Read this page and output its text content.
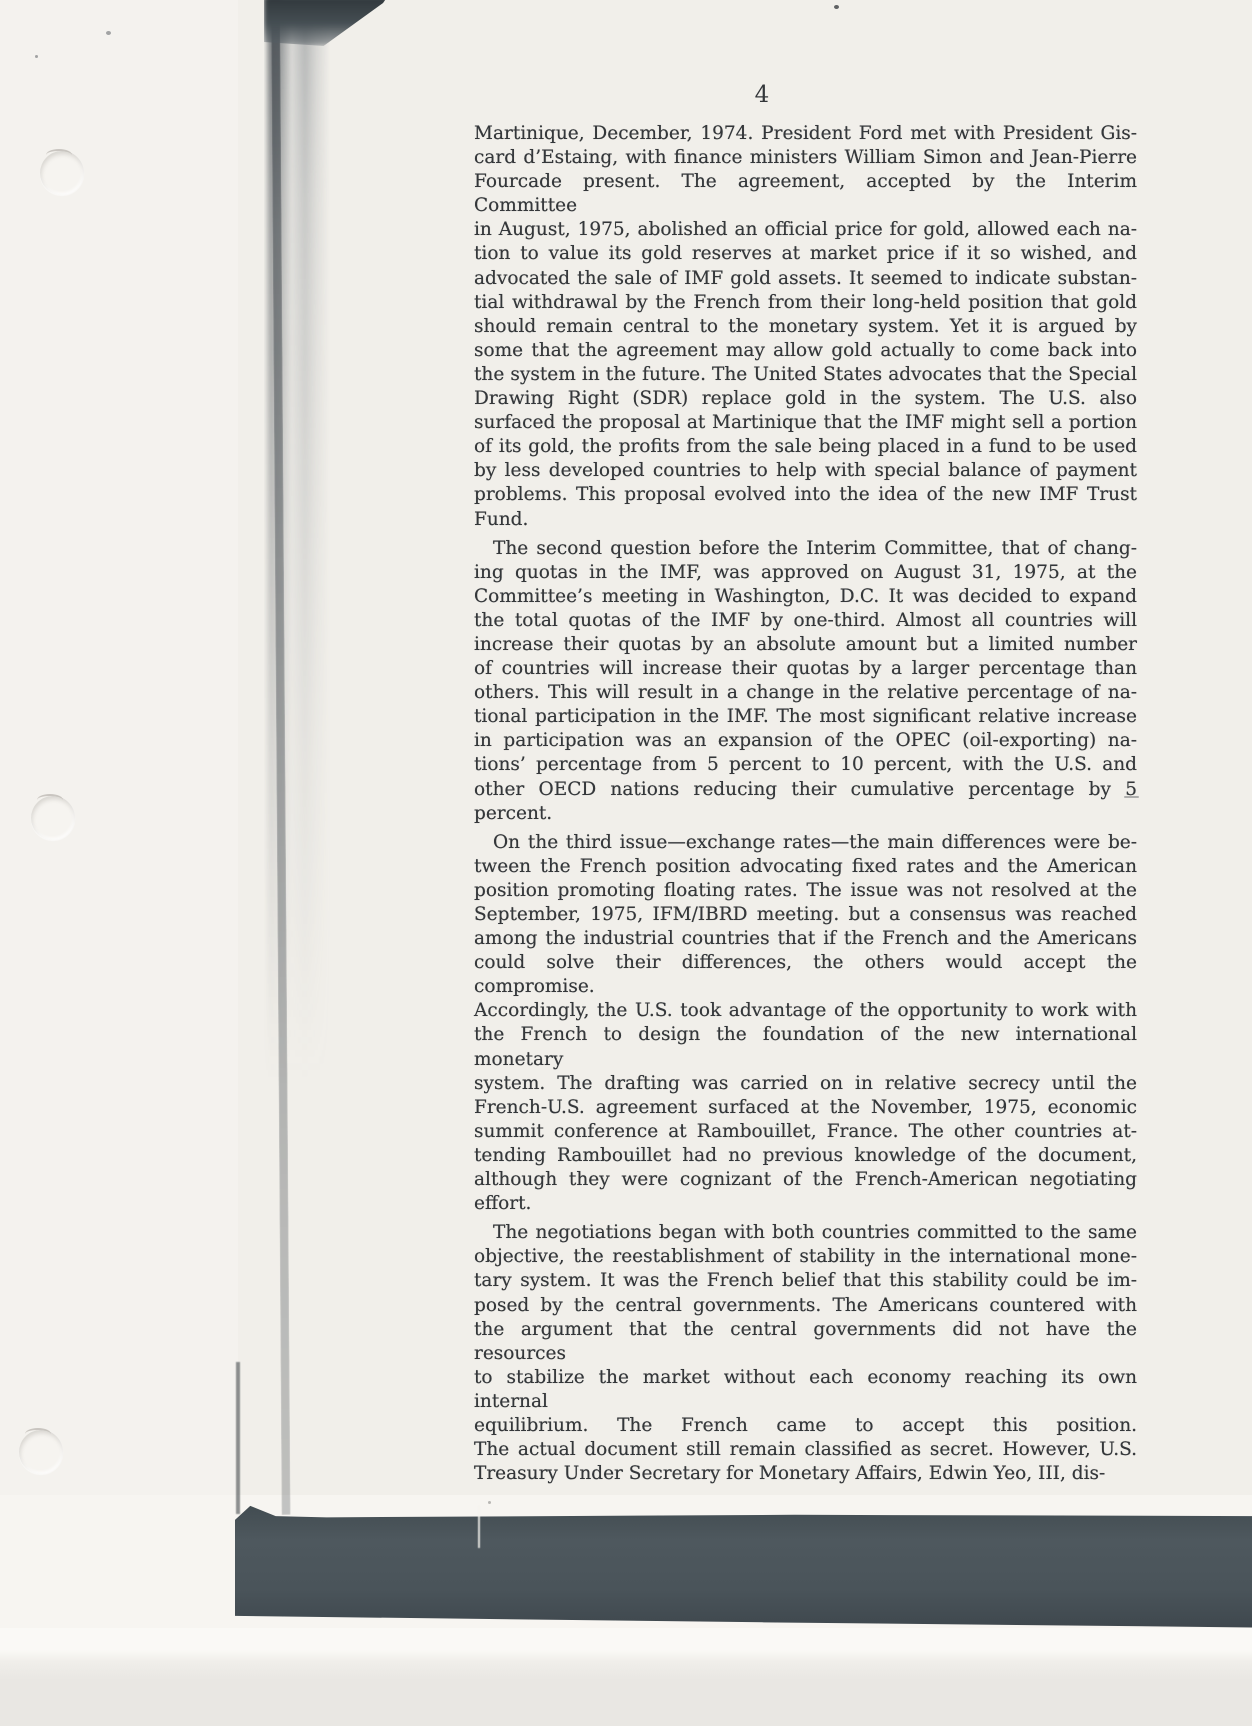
4
Martinique, December, 1974. President Ford met with President Gis-
card d’Estaing, with finance ministers William Simon and Jean-Pierre
Fourcade present. The agreement, accepted by the Interim Committee
in August, 1975, abolished an official price for gold, allowed each na-
tion to value its gold reserves at market price if it so wished, and
advocated the sale of IMF gold assets. It seemed to indicate substan-
tial withdrawal by the French from their long-held position that gold
should remain central to the monetary system. Yet it is argued by
some that the agreement may allow gold actually to come back into
the system in the future. The United States advocates that the Special
Drawing Right (SDR) replace gold in the system. The U.S. also
surfaced the proposal at Martinique that the IMF might sell a portion
of its gold, the profits from the sale being placed in a fund to be used
by less developed countries to help with special balance of payment
problems. This proposal evolved into the idea of the new IMF Trust
Fund.
The second question before the Interim Committee, that of chang-
ing quotas in the IMF, was approved on August 31, 1975, at the
Committee’s meeting in Washington, D.C. It was decided to expand
the total quotas of the IMF by one-third. Almost all countries will
increase their quotas by an absolute amount but a limited number
of countries will increase their quotas by a larger percentage than
others. This will result in a change in the relative percentage of na-
tional participation in the IMF. The most significant relative increase
in participation was an expansion of the OPEC (oil-exporting) na-
tions’ percentage from 5 percent to 10 percent, with the U.S. and
other OECD nations reducing their cumulative percentage by 5
percent.
On the third issue—exchange rates—the main differences were be-
tween the French position advocating fixed rates and the American
position promoting floating rates. The issue was not resolved at the
September, 1975, IFM/IBRD meeting. but a consensus was reached
among the industrial countries that if the French and the Americans
could solve their differences, the others would accept the compromise.
Accordingly, the U.S. took advantage of the opportunity to work with
the French to design the foundation of the new international monetary
system. The drafting was carried on in relative secrecy until the
French-U.S. agreement surfaced at the November, 1975, economic
summit conference at Rambouillet, France. The other countries at-
tending Rambouillet had no previous knowledge of the document,
although they were cognizant of the French-American negotiating
effort.
The negotiations began with both countries committed to the same
objective, the reestablishment of stability in the international mone-
tary system. It was the French belief that this stability could be im-
posed by the central governments. The Americans countered with
the argument that the central governments did not have the resources
to stabilize the market without each economy reaching its own internal
equilibrium. The French came to accept this position.
The actual document still remain classified as secret. However, U.S.
Treasury Under Secretary for Monetary Affairs, Edwin Yeo, III, dis-
